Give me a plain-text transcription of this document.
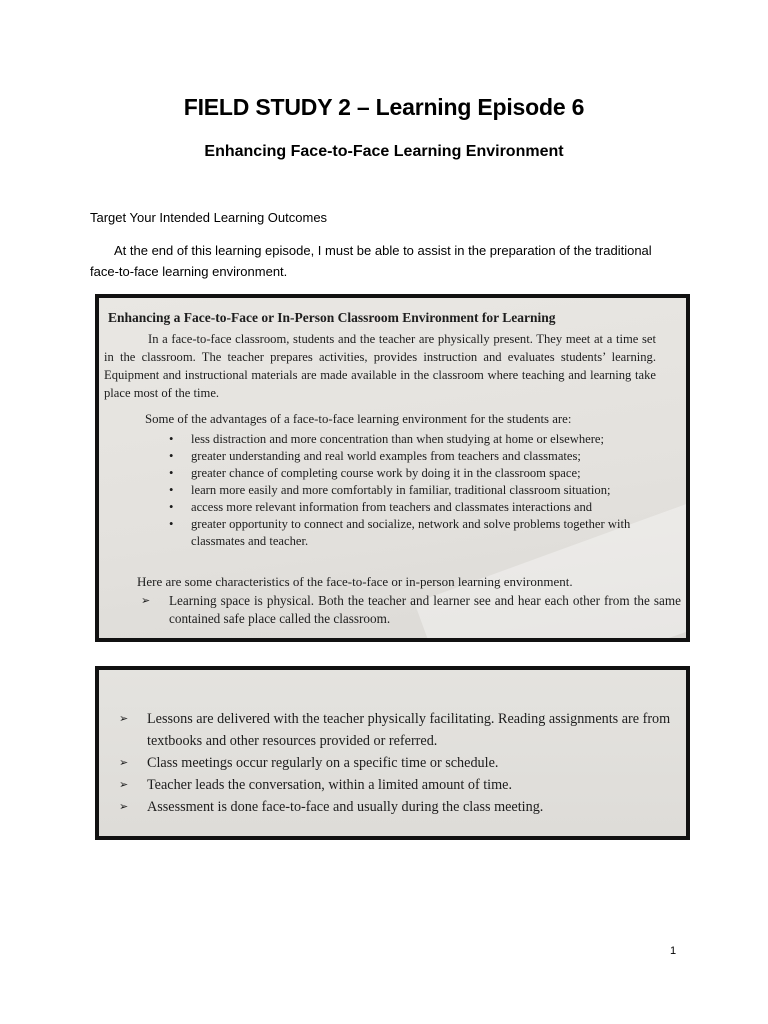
FIELD STUDY 2 – Learning Episode 6
Enhancing Face-to-Face Learning Environment
Target Your Intended Learning Outcomes
At the end of this learning episode, I must be able to assist in the preparation of the traditional face-to-face learning environment.
Enhancing a Face-to-Face or In-Person Classroom Environment for Learning
In a face-to-face classroom, students and the teacher are physically present. They meet at a time set in the classroom. The teacher prepares activities, provides instruction and evaluates students’ learning. Equipment and instructional materials are made available in the classroom where teaching and learning take place most of the time.
Some of the advantages of a face-to-face learning environment for the students are:
• less distraction and more concentration than when studying at home or elsewhere;
• greater understanding and real world examples from teachers and classmates;
• greater chance of completing course work by doing it in the classroom space;
• learn more easily and more comfortably in familiar, traditional classroom situation;
• access more relevant information from teachers and classmates interactions and
• greater opportunity to connect and socialize, network and solve problems together with classmates and teacher.
Here are some characteristics of the face-to-face or in-person learning environment.
➢	Learning space is physical. Both the teacher and learner see and hear each other from the same contained safe place called the classroom.
➢ Lessons are delivered with the teacher physically facilitating. Reading assignments are from textbooks and other resources provided or referred.
➢ Class meetings occur regularly on a specific time or schedule.
➢ Teacher leads the conversation, within a limited amount of time.
➢ Assessment is done face-to-face and usually during the class meeting.
1
